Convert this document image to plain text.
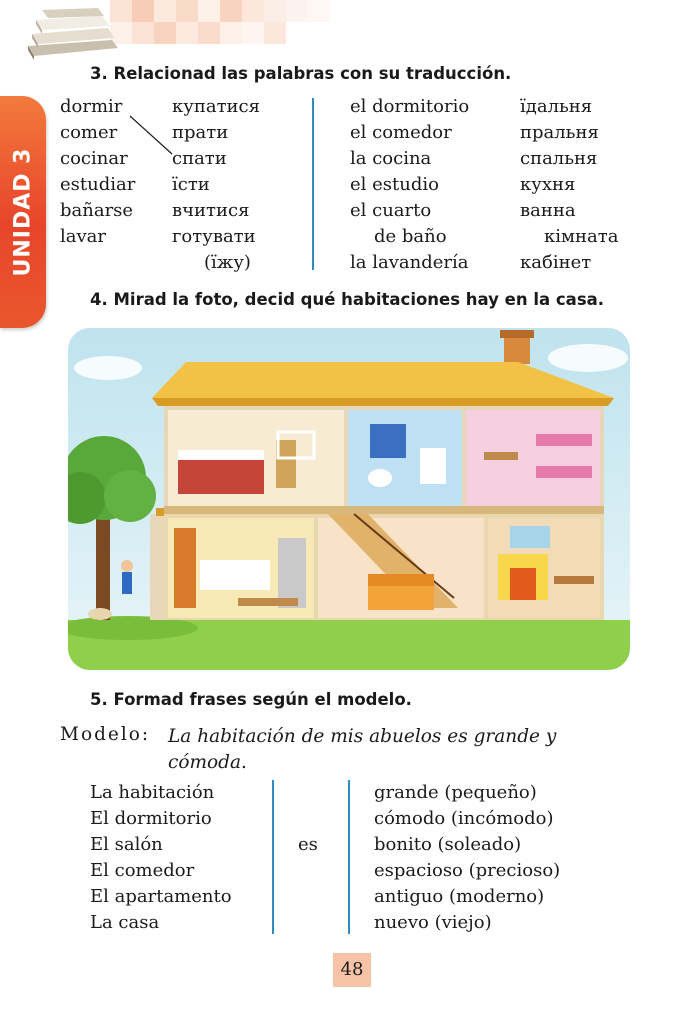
UNIDAD 3
3. Relacionad las palabras con su traducción.
dormir
comer
cocinar
estudiar
bañarse
lavar
купатися
прати
спати
їсти
вчитися
готувати
(їжу)
el dormitorio
el comedor
la cocina
el estudio
el cuarto
de baño
la lavandería
їдальня
пральня
спальня
кухня
ванна
кімната
кабінет
4. Mirad la foto, decid qué habitaciones hay en la casa.
5. Formad frases según el modelo.
Modelo: La habitación de mis abuelos es grande y
cómoda.
La habitación
El dormitorio
El salón
El comedor
El apartamento
La casa
es
grande (pequeño)
cómodo (incómodo)
bonito (soleado)
espacioso (precioso)
antiguo (moderno)
nuevo (viejo)
48
